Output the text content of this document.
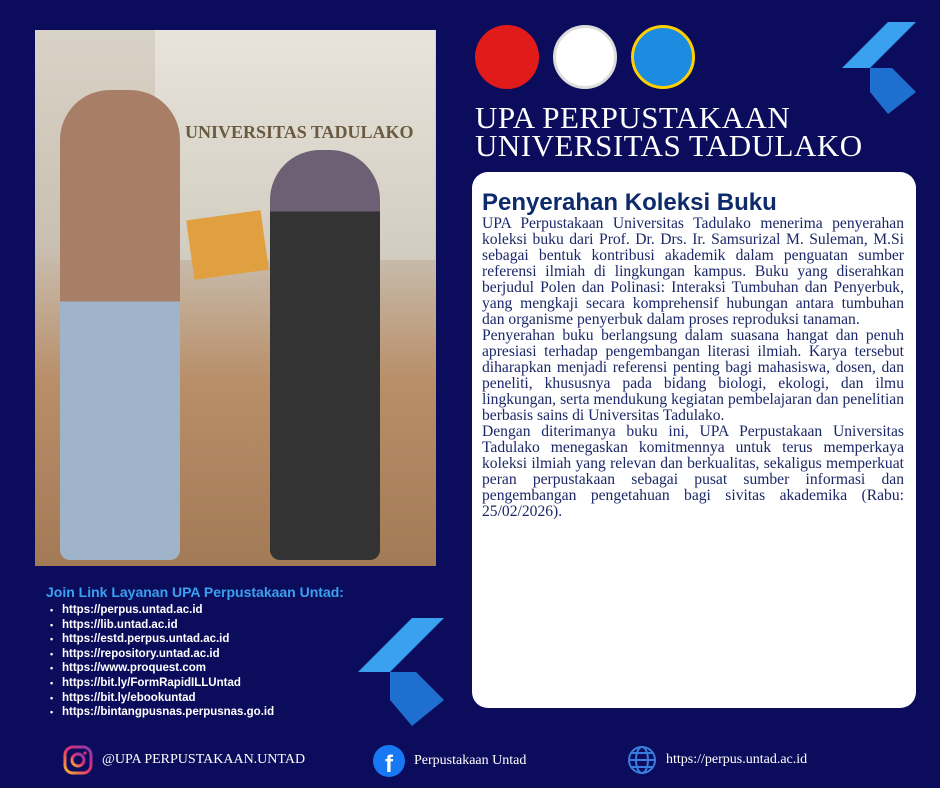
UNIVERSITAS TADULAKO UPA PERPUSTAKAAN
UNIVERSITAS TADULAKO
Penyerahan Koleksi Buku

UPA Perpustakaan Universitas Tadulako menerima penyerahan koleksi buku dari Prof. Dr. Drs. Ir. Samsurizal M. Suleman, M.Si sebagai bentuk kontribusi akademik dalam penguatan sumber referensi ilmiah di lingkungan kampus. Buku yang diserahkan berjudul Polen dan Polinasi: Interaksi Tumbuhan dan Penyerbuk, yang mengkaji secara komprehensif hubungan antara tumbuhan dan organisme penyerbuk dalam proses reproduksi tanaman.

Penyerahan buku berlangsung dalam suasana hangat dan penuh apresiasi terhadap pengembangan literasi ilmiah. Karya tersebut diharapkan menjadi referensi penting bagi mahasiswa, dosen, dan peneliti, khususnya pada bidang biologi, ekologi, dan ilmu lingkungan, serta mendukung kegiatan pembelajaran dan penelitian berbasis sains di Universitas Tadulako.

Dengan diterimanya buku ini, UPA Perpustakaan Universitas Tadulako menegaskan komitmennya untuk terus memperkaya koleksi ilmiah yang relevan dan berkualitas, sekaligus memperkuat peran perpustakaan sebagai pusat sumber informasi dan pengembangan pengetahuan bagi sivitas akademika (Rabu: 25/02/2026).

Join Link Layanan UPA Perpustakaan Untad:
• https://perpus.untad.ac.id
• https://lib.untad.ac.id
• https://estd.perpus.untad.ac.id
• https://repository.untad.ac.id
• https://www.proquest.com
• https://bit.ly/FormRapidILLUntad
• https://bit.ly/ebookuntad
• https://bintangpusnas.perpusnas.go.id
@UPA PERPUSTAKAAN.UNTAD	f Perpustakaan Untad	https://perpus.untad.ac.id
